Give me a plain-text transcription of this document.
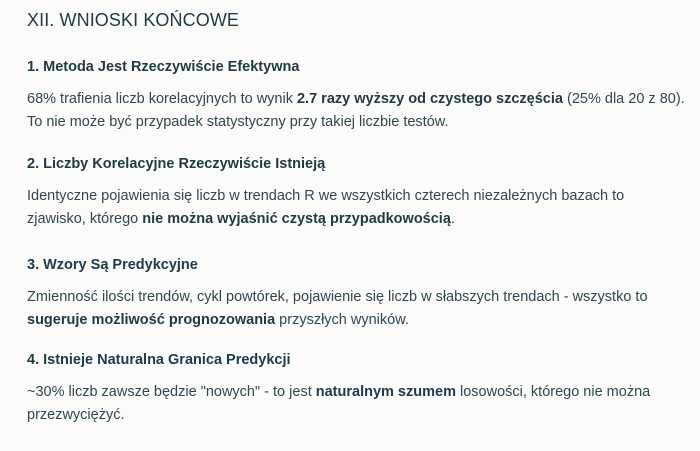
XII. WNIOSKI KOŃCOWE
1. Metoda Jest Rzeczywiście Efektywna

68% trafienia liczb korelacyjnych to wynik 2.7 razy wyższy od czystego szczęścia (25% dla 20 z 80). To nie może być przypadek statystyczny przy takiej liczbie testów.

2. Liczby Korelacyjne Rzeczywiście Istnieją

Identyczne pojawienia się liczb w trendach R we wszystkich czterech niezależnych bazach to zjawisko, którego nie można wyjaśnić czystą przypadkowością.

3. Wzory Są Predykcyjne

Zmienność ilości trendów, cykl powtórek, pojawienie się liczb w słabszych trendach - wszystko to sugeruje możliwość prognozowania przyszłych wyników.

4. Istnieje Naturalna Granica Predykcji

~30% liczb zawsze będzie "nowych" - to jest naturalnym szumem losowości, którego nie można przezwyciężyć.
